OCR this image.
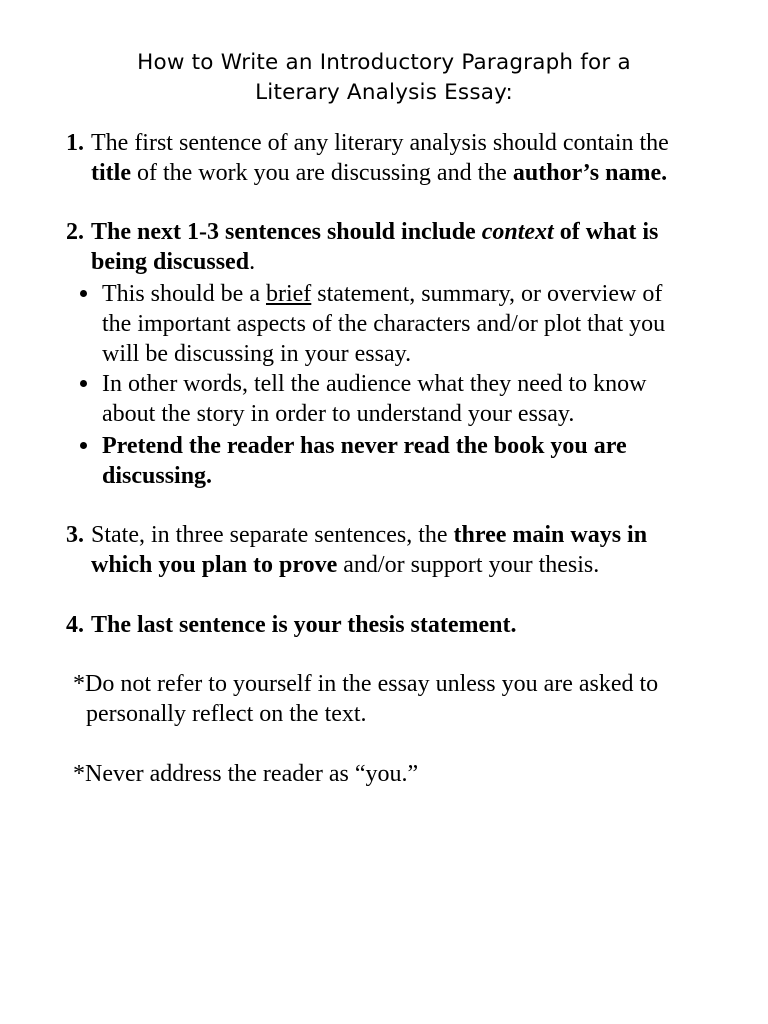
How to Write an Introductory Paragraph for a
Literary Analysis Essay:
1. The first sentence of any literary analysis should contain the
title of the work you are discussing and the author’s name.
2. The next 1-3 sentences should include context of what is
being discussed.
This should be a brief statement, summary, or overview of
the important aspects of the characters and/or plot that you
will be discussing in your essay.
In other words, tell the audience what they need to know
about the story in order to understand your essay.
Pretend the reader has never read the book you are
discussing.
3. State, in three separate sentences, the three main ways in
which you plan to prove and/or support your thesis.
4. The last sentence is your thesis statement.
*Do not refer to yourself in the essay unless you are asked to
personally reflect on the text.
*Never address the reader as “you.”
